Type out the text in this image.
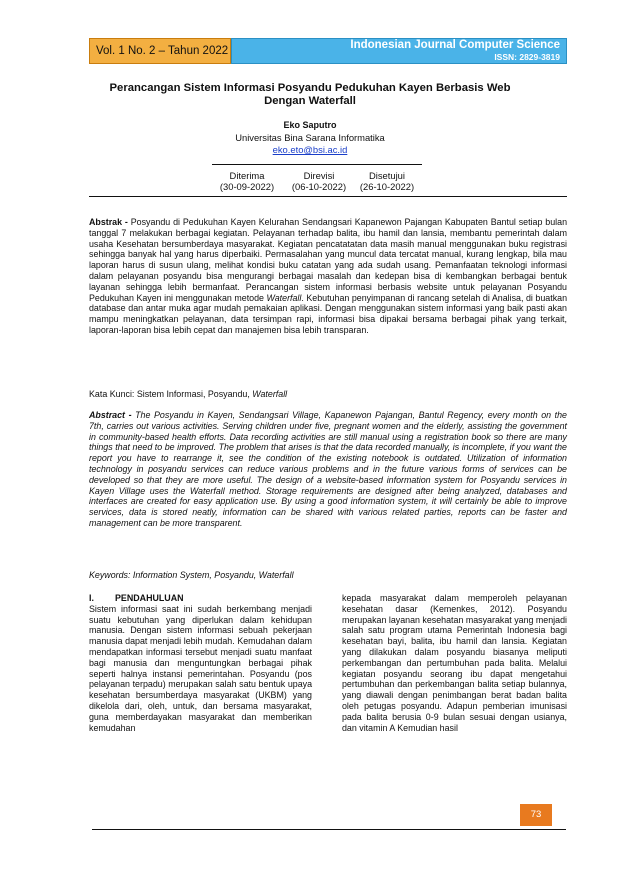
Vol. 1 No. 2 – Tahun 2022	Indonesian Journal Computer Science
ISSN: 2829-3819
Perancangan Sistem Informasi Posyandu Pedukuhan Kayen Berbasis Web Dengan Waterfall
Eko Saputro
Universitas Bina Sarana Informatika
eko.eto@bsi.ac.id
Diterima
(30-09-2022)
Direvisi
(06-10-2022)
Disetujui
(26-10-2022)

Abstrak - Posyandu di Pedukuhan Kayen Kelurahan Sendangsari Kapanewon Pajangan Kabupaten Bantul setiap bulan tanggal 7 melakukan berbagai kegiatan. Pelayanan terhadap balita, ibu hamil dan lansia, membantu pemerintah dalam usaha Kesehatan bersumberdaya masyarakat. Kegiatan pencatatatan data masih manual menggunakan buku registrasi sehingga banyak hal yang harus diperbaiki. Permasalahan yang muncul data tercatat manual, kurang lengkap, bila mau laporan harus di susun ulang, melihat kondisi buku catatan yang ada sudah usang. Pemanfaatan teknologi informasi dalam pelayanan posyandu bisa mengurangi berbagai masalah dan kedepan bisa di kembangkan berbagai bentuk layanan sehingga lebih bermanfaat. Perancangan sistem informasi berbasis website untuk pelayanan Posyandu Pedukuhan Kayen ini menggunakan metode Waterfall. Kebutuhan penyimpanan di rancang setelah di Analisa, di buatkan database dan antar muka agar mudah pemakaian aplikasi. Dengan menggunakan sistem informasi yang baik pasti akan mampu meningkatkan pelayanan, data tersimpan rapi, informasi bisa dipakai bersama berbagai pihak yang terkait, laporan-laporan bisa lebih cepat dan manajemen bisa lebih transparan.

Kata Kunci: Sistem Informasi, Posyandu, Waterfall

Abstract - The Posyandu in Kayen, Sendangsari Village, Kapanewon Pajangan, Bantul Regency, every month on the 7th, carries out various activities. Serving children under five, pregnant women and the elderly, assisting the government in community-based health efforts. Data recording activities are still manual using a registration book so there are many things that need to be improved. The problem that arises is that the data recorded manually, is incomplete, if you want the report you have to rearrange it, see the condition of the existing notebook is outdated. Utilization of information technology in posyandu services can reduce various problems and in the future various forms of services can be developed so that they are more useful. The design of a website-based information system for Posyandu services in Kayen Village uses the Waterfall method. Storage requirements are designed after being analyzed, databases and interfaces are created for easy application use. By using a good information system, it will certainly be able to improve services, data is stored neatly, information can be shared with various related parties, reports can be faster and management can be more transparent.

Keywords: Information System, Posyandu, Waterfall

I. PENDAHULUAN
Sistem informasi saat ini sudah berkembang menjadi suatu kebutuhan yang diperlukan dalam kehidupan manusia. Dengan sistem informasi sebuah pekerjaan manusia dapat menjadi lebih mudah. Kemudahan dalam mendapatkan informasi tersebut menjadi suatu manfaat bagi manusia dan menguntungkan berbagai pihak seperti halnya instansi pemerintahan. Posyandu (pos pelayanan terpadu) merupakan salah satu bentuk upaya kesehatan bersumberdaya masyarakat (UKBM) yang dikelola dari, oleh, untuk, dan bersama masyarakat, guna memberdayakan masyarakat dan memberikan kemudahan
kepada masyarakat dalam memperoleh pelayanan kesehatan dasar (Kemenkes, 2012). Posyandu merupakan layanan kesehatan masyarakat yang menjadi salah satu program utama Pemerintah Indonesia bagi kesehatan bayi, balita, ibu hamil dan lansia. Kegiatan yang dilakukan dalam posyandu biasanya meliputi perkembangan dan pertumbuhan pada balita. Melalui kegiatan posyandu seorang ibu dapat mengetahui pertumbuhan dan perkembangan balita setiap bulannya, yang diawali dengan penimbangan berat badan balita oleh petugas posyandu. Adapun pemberian imunisasi pada balita berusia 0-9 bulan sesuai dengan usianya, dan vitamin A Kemudian hasil
73
